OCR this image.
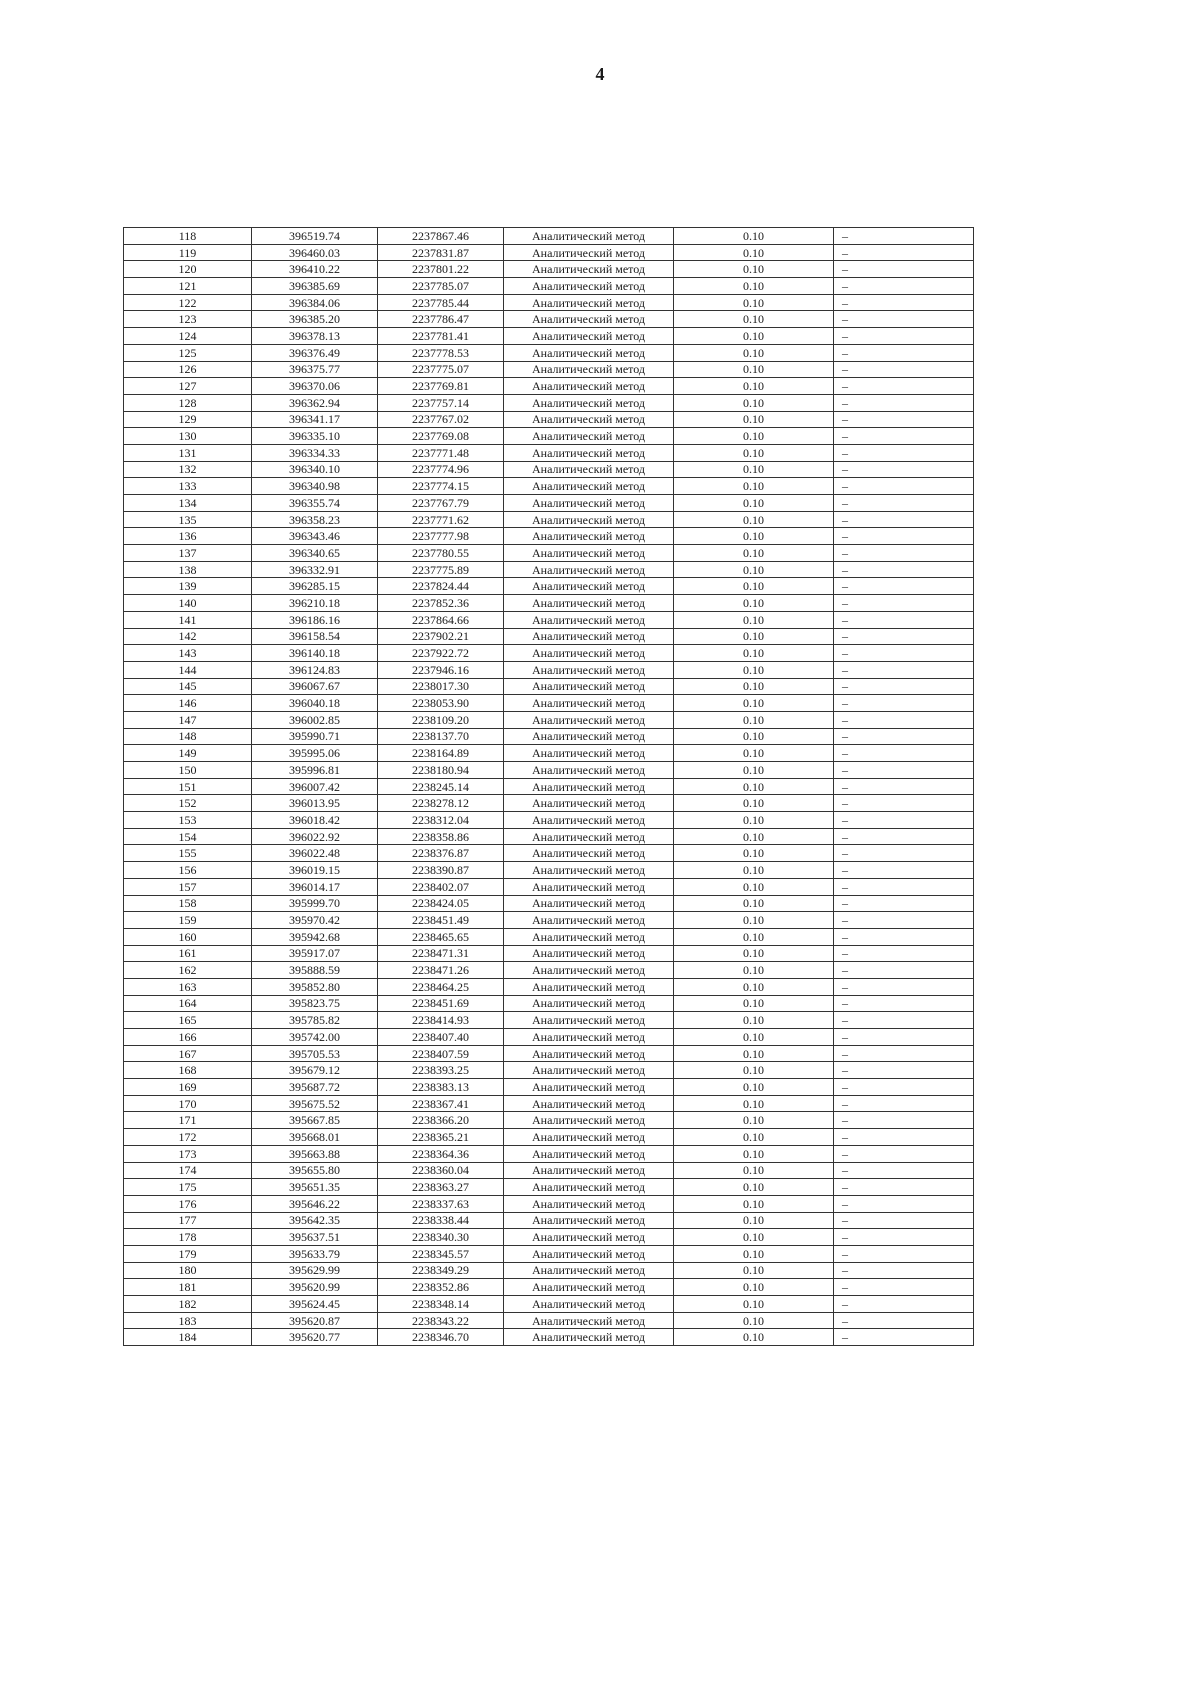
4
118	396519.74	2237867.46	Аналитический метод	0.10	–
119	396460.03	2237831.87	Аналитический метод	0.10	–
120	396410.22	2237801.22	Аналитический метод	0.10	–
121	396385.69	2237785.07	Аналитический метод	0.10	–
122	396384.06	2237785.44	Аналитический метод	0.10	–
123	396385.20	2237786.47	Аналитический метод	0.10	–
124	396378.13	2237781.41	Аналитический метод	0.10	–
125	396376.49	2237778.53	Аналитический метод	0.10	–
126	396375.77	2237775.07	Аналитический метод	0.10	–
127	396370.06	2237769.81	Аналитический метод	0.10	–
128	396362.94	2237757.14	Аналитический метод	0.10	–
129	396341.17	2237767.02	Аналитический метод	0.10	–
130	396335.10	2237769.08	Аналитический метод	0.10	–
131	396334.33	2237771.48	Аналитический метод	0.10	–
132	396340.10	2237774.96	Аналитический метод	0.10	–
133	396340.98	2237774.15	Аналитический метод	0.10	–
134	396355.74	2237767.79	Аналитический метод	0.10	–
135	396358.23	2237771.62	Аналитический метод	0.10	–
136	396343.46	2237777.98	Аналитический метод	0.10	–
137	396340.65	2237780.55	Аналитический метод	0.10	–
138	396332.91	2237775.89	Аналитический метод	0.10	–
139	396285.15	2237824.44	Аналитический метод	0.10	–
140	396210.18	2237852.36	Аналитический метод	0.10	–
141	396186.16	2237864.66	Аналитический метод	0.10	–
142	396158.54	2237902.21	Аналитический метод	0.10	–
143	396140.18	2237922.72	Аналитический метод	0.10	–
144	396124.83	2237946.16	Аналитический метод	0.10	–
145	396067.67	2238017.30	Аналитический метод	0.10	–
146	396040.18	2238053.90	Аналитический метод	0.10	–
147	396002.85	2238109.20	Аналитический метод	0.10	–
148	395990.71	2238137.70	Аналитический метод	0.10	–
149	395995.06	2238164.89	Аналитический метод	0.10	–
150	395996.81	2238180.94	Аналитический метод	0.10	–
151	396007.42	2238245.14	Аналитический метод	0.10	–
152	396013.95	2238278.12	Аналитический метод	0.10	–
153	396018.42	2238312.04	Аналитический метод	0.10	–
154	396022.92	2238358.86	Аналитический метод	0.10	–
155	396022.48	2238376.87	Аналитический метод	0.10	–
156	396019.15	2238390.87	Аналитический метод	0.10	–
157	396014.17	2238402.07	Аналитический метод	0.10	–
158	395999.70	2238424.05	Аналитический метод	0.10	–
159	395970.42	2238451.49	Аналитический метод	0.10	–
160	395942.68	2238465.65	Аналитический метод	0.10	–
161	395917.07	2238471.31	Аналитический метод	0.10	–
162	395888.59	2238471.26	Аналитический метод	0.10	–
163	395852.80	2238464.25	Аналитический метод	0.10	–
164	395823.75	2238451.69	Аналитический метод	0.10	–
165	395785.82	2238414.93	Аналитический метод	0.10	–
166	395742.00	2238407.40	Аналитический метод	0.10	–
167	395705.53	2238407.59	Аналитический метод	0.10	–
168	395679.12	2238393.25	Аналитический метод	0.10	–
169	395687.72	2238383.13	Аналитический метод	0.10	–
170	395675.52	2238367.41	Аналитический метод	0.10	–
171	395667.85	2238366.20	Аналитический метод	0.10	–
172	395668.01	2238365.21	Аналитический метод	0.10	–
173	395663.88	2238364.36	Аналитический метод	0.10	–
174	395655.80	2238360.04	Аналитический метод	0.10	–
175	395651.35	2238363.27	Аналитический метод	0.10	–
176	395646.22	2238337.63	Аналитический метод	0.10	–
177	395642.35	2238338.44	Аналитический метод	0.10	–
178	395637.51	2238340.30	Аналитический метод	0.10	–
179	395633.79	2238345.57	Аналитический метод	0.10	–
180	395629.99	2238349.29	Аналитический метод	0.10	–
181	395620.99	2238352.86	Аналитический метод	0.10	–
182	395624.45	2238348.14	Аналитический метод	0.10	–
183	395620.87	2238343.22	Аналитический метод	0.10	–
184	395620.77	2238346.70	Аналитический метод	0.10	–
